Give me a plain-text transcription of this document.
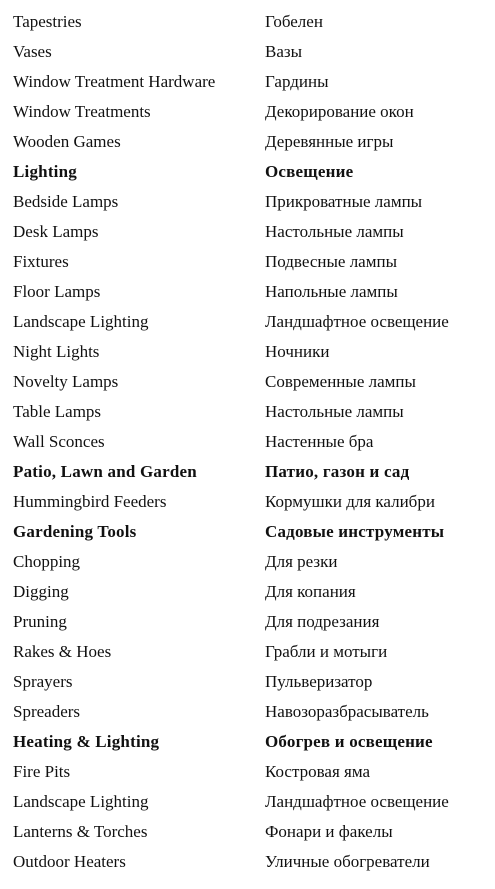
Tapestries	Гобелен
Vases	Вазы
Window Treatment Hardware	Гардины
Window Treatments	Декорирование окон
Wooden Games	Деревянные игры
Lighting	Освещение
Bedside Lamps	Прикроватные лампы
Desk Lamps	Настольные лампы
Fixtures	Подвесные лампы
Floor Lamps	Напольные лампы
Landscape Lighting	Ландшафтное освещение
Night Lights	Ночники
Novelty Lamps	Современные лампы
Table Lamps	Настольные лампы
Wall Sconces	Настенные бра
Patio, Lawn and Garden	Патио, газон и сад
Hummingbird Feeders	Кормушки для калибри
Gardening Tools	Садовые инструменты
Chopping	Для резки
Digging	Для копания
Pruning	Для подрезания
Rakes & Hoes	Грабли и мотыги
Sprayers	Пульверизатор
Spreaders	Навозоразбрасыватель
Heating & Lighting	Обогрев и освещение
Fire Pits	Костровая яма
Landscape Lighting	Ландшафтное освещение
Lanterns & Torches	Фонари и факелы
Outdoor Heaters	Уличные обогреватели
